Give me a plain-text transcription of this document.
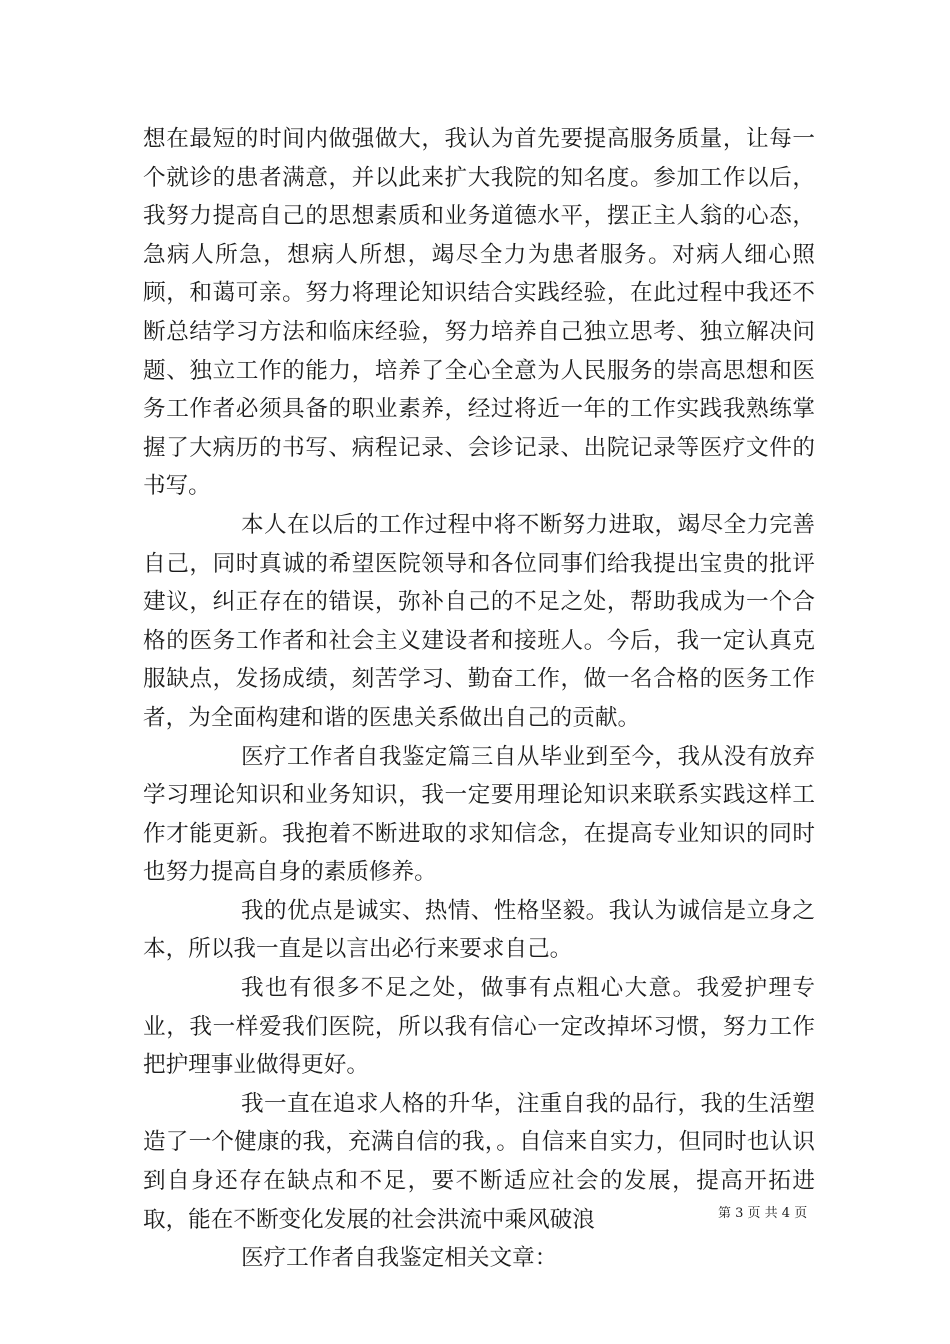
想在最短的时间内做强做大，我认为首先要提高服务质量，让每一个就诊的患者满意，并以此来扩大我院的知名度。参加工作以后，我努力提高自己的思想素质和业务道德水平，摆正主人翁的心态，急病人所急，想病人所想，竭尽全力为患者服务。对病人细心照顾，和蔼可亲。努力将理论知识结合实践经验，在此过程中我还不断总结学习方法和临床经验，努力培养自己独立思考、独立解决问题、独立工作的能力，培养了全心全意为人民服务的崇高思想和医务工作者必须具备的职业素养，经过将近一年的工作实践我熟练掌握了大病历的书写、病程记录、会诊记录、出院记录等医疗文件的书写。

本人在以后的工作过程中将不断努力进取，竭尽全力完善自己，同时真诚的希望医院领导和各位同事们给我提出宝贵的批评建议，纠正存在的错误，弥补自己的不足之处，帮助我成为一个合格的医务工作者和社会主义建设者和接班人。今后，我一定认真克服缺点，发扬成绩，刻苦学习、勤奋工作，做一名合格的医务工作者，为全面构建和谐的医患关系做出自己的贡献。

医疗工作者自我鉴定篇三自从毕业到至今，我从没有放弃学习理论知识和业务知识，我一定要用理论知识来联系实践这样工作才能更新。我抱着不断进取的求知信念，在提高专业知识的同时也努力提高自身的素质修养。

我的优点是诚实、热情、性格坚毅。我认为诚信是立身之本，所以我一直是以言出必行来要求自己。

我也有很多不足之处，做事有点粗心大意。我爱护理专业，我一样爱我们医院，所以我有信心一定改掉坏习惯，努力工作把护理事业做得更好。

我一直在追求人格的升华，注重自我的品行，我的生活塑造了一个健康的我，充满自信的我，。自信来自实力，但同时也认识到自身还存在缺点和不足，要不断适应社会的发展，提高开拓进取，能在不断变化发展的社会洪流中乘风破浪

医疗工作者自我鉴定相关文章：

第 3 页 共 4 页
